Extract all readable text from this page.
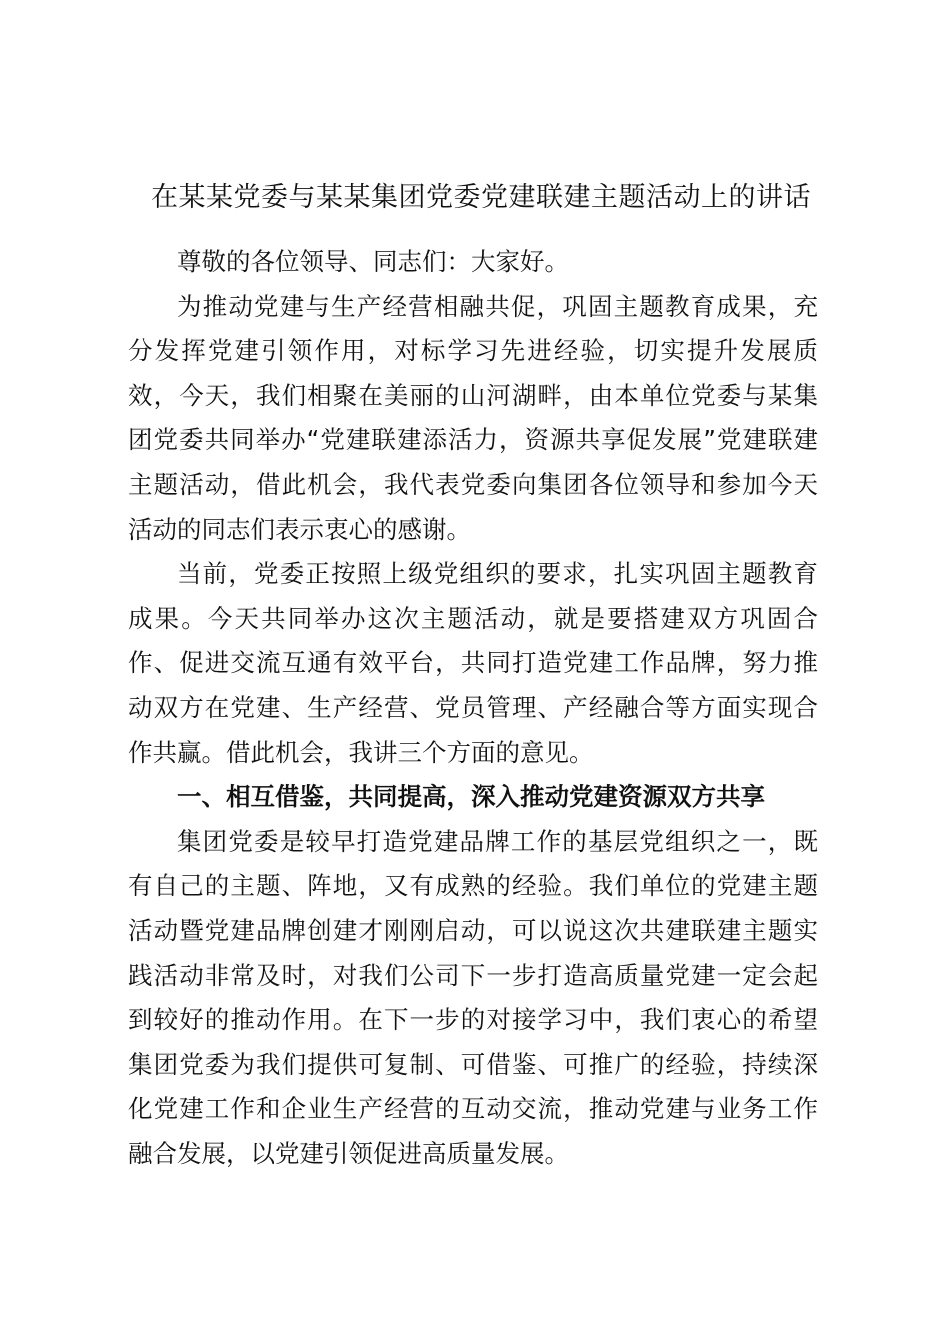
在某某党委与某某集团党委党建联建主题活动上的讲话
尊敬的各位领导、同志们：大家好。
为推动党建与生产经营相融共促，巩固主题教育成果，充
分发挥党建引领作用，对标学习先进经验，切实提升发展质
效，今天，我们相聚在美丽的山河湖畔，由本单位党委与某集
团党委共同举办“党建联建添活力，资源共享促发展”党建联建
主题活动，借此机会，我代表党委向集团各位领导和参加今天
活动的同志们表示衷心的感谢。
当前，党委正按照上级党组织的要求，扎实巩固主题教育
成果。今天共同举办这次主题活动，就是要搭建双方巩固合
作、促进交流互通有效平台，共同打造党建工作品牌，努力推
动双方在党建、生产经营、党员管理、产经融合等方面实现合
作共赢。借此机会，我讲三个方面的意见。
一、相互借鉴，共同提高，深入推动党建资源双方共享
集团党委是较早打造党建品牌工作的基层党组织之一，既
有自己的主题、阵地，又有成熟的经验。我们单位的党建主题
活动暨党建品牌创建才刚刚启动，可以说这次共建联建主题实
践活动非常及时，对我们公司下一步打造高质量党建一定会起
到较好的推动作用。在下一步的对接学习中，我们衷心的希望
集团党委为我们提供可复制、可借鉴、可推广的经验，持续深
化党建工作和企业生产经营的互动交流，推动党建与业务工作
融合发展，以党建引领促进高质量发展。
